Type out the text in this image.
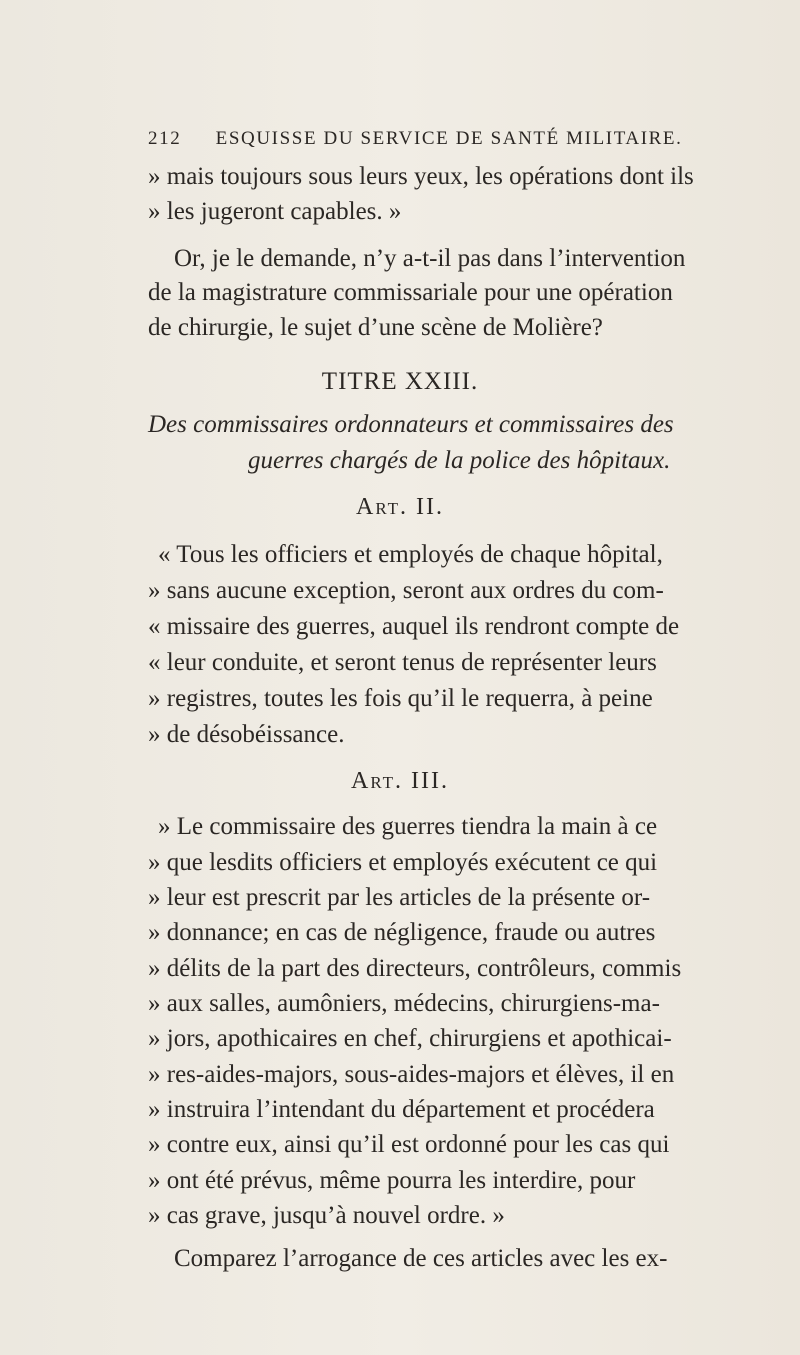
212 ESQUISSE DU SERVICE DE SANTÉ MILITAIRE.
» mais toujours sous leurs yeux, les opérations dont ils
» les jugeront capables. »
Or, je le demande, n’y a-t-il pas dans l’intervention
de la magistrature commissariale pour une opération
de chirurgie, le sujet d’une scène de Molière?
TITRE XXIII.
Des commissaires ordonnateurs et commissaires des
guerres chargés de la police des hôpitaux.
Art. II.
« Tous les officiers et employés de chaque hôpital,
» sans aucune exception, seront aux ordres du com-
« missaire des guerres, auquel ils rendront compte de
« leur conduite, et seront tenus de représenter leurs
» registres, toutes les fois qu’il le requerra, à peine
» de désobéissance.
Art. III.
» Le commissaire des guerres tiendra la main à ce
» que lesdits officiers et employés exécutent ce qui
» leur est prescrit par les articles de la présente or-
» donnance; en cas de négligence, fraude ou autres
» délits de la part des directeurs, contrôleurs, commis
» aux salles, aumôniers, médecins, chirurgiens-ma-
» jors, apothicaires en chef, chirurgiens et apothicai-
» res-aides-majors, sous-aides-majors et élèves, il en
» instruira l’intendant du département et procédera
» contre eux, ainsi qu’il est ordonné pour les cas qui
» ont été prévus, même pourra les interdire, pour
» cas grave, jusqu’à nouvel ordre. »
Comparez l’arrogance de ces articles avec les ex-
